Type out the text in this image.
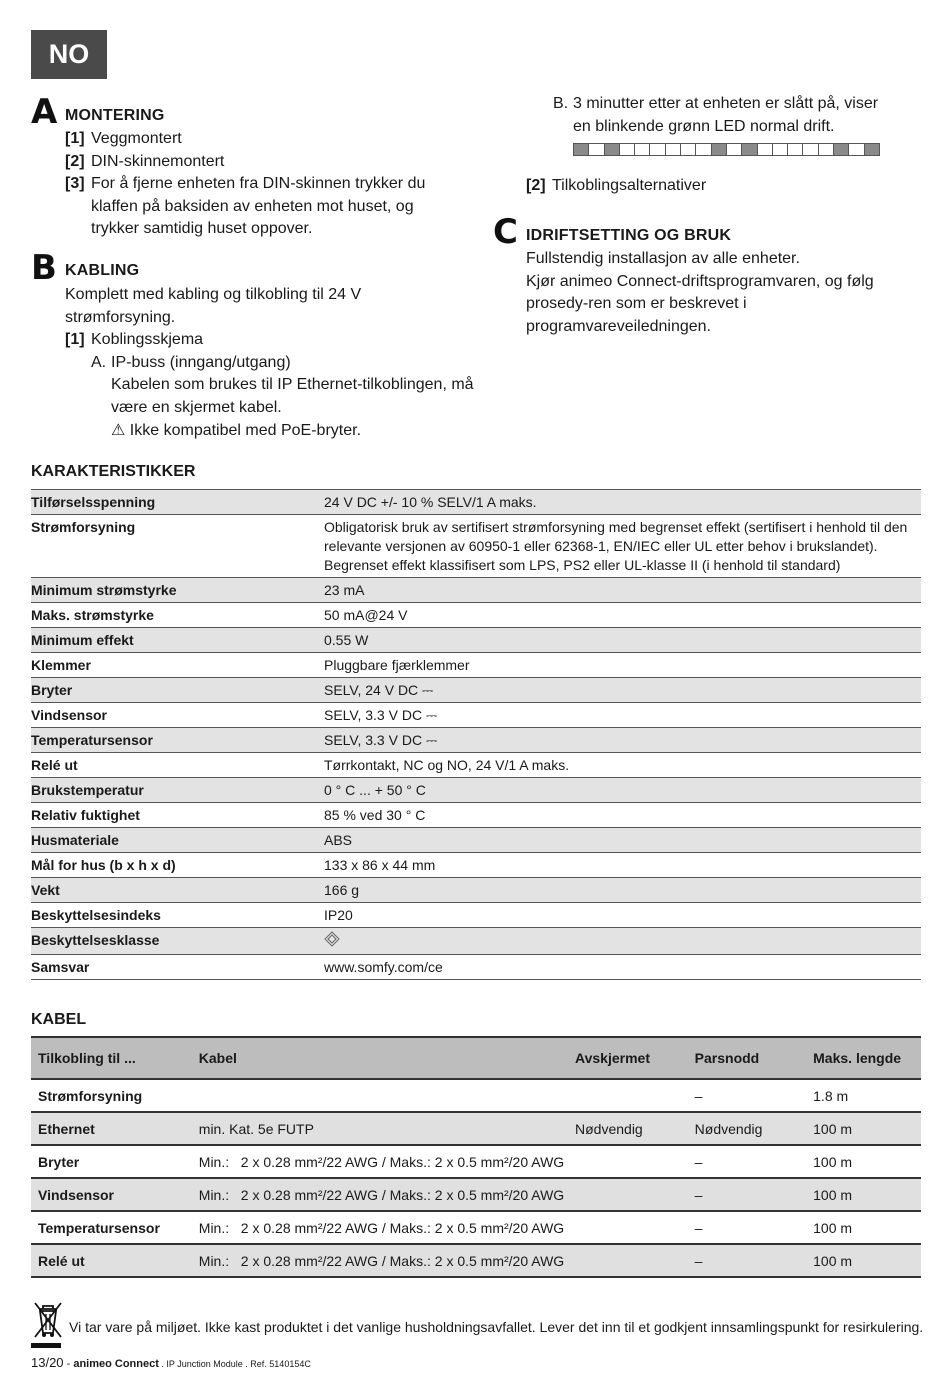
NO
A MONTERING
[1] Veggmontert
[2] DIN-skinnemontert
[3] For å fjerne enheten fra DIN-skinnen trykker du klaffen på baksiden av enheten mot huset, og trykker samtidig huset oppover.
B KABLING
Komplett med kabling og tilkobling til 24 V strømforsyning.
[1] Koblingsskjema
A. IP-buss (inngang/utgang)
Kabelen som brukes til IP Ethernet-tilkoblingen, må være en skjermet kabel.
⚠ Ikke kompatibel med PoE-bryter.
B. 3 minutter etter at enheten er slått på, viser en blinkende grønn LED normal drift.
[2] Tilkoblingsalternativer
C IDRIFTSETTING OG BRUK
Fullstendig installasjon av alle enheter.
Kjør animeo Connect-driftsprogramvaren, og følg prosedy-ren som er beskrevet i programvareveiledningen.
KARAKTERISTIKKER
Tilførselsspenning	24 V DC +/- 10 % SELV/1 A maks.
Strømforsyning	Obligatorisk bruk av sertifisert strømforsyning med begrenset effekt (sertifisert i henhold til den relevante versjonen av 60950-1 eller 62368-1, EN/IEC eller UL etter behov i brukslandet).
Begrenset effekt klassifisert som LPS, PS2 eller UL-klasse II (i henhold til standard)

Minimum strømstyrke	23 mA
Maks. strømstyrke	50 mA@24 V
Minimum effekt	0.55 W
Klemmer	Pluggbare fjærklemmer
Bryter	SELV, 24 V DC ⎓
Vindsensor	SELV, 3.3 V DC ⎓
Temperatursensor	SELV, 3.3 V DC ⎓
Relé ut	Tørrkontakt, NC og NO, 24 V/1 A maks.
Brukstemperatur	0 ° C ... + 50 ° C
Relativ fuktighet	85 % ved 30 ° C
Husmateriale	ABS
Mål for hus (b x h x d)	133 x 86 x 44 mm
Vekt	166 g
Beskyttelsesindeks	IP20
Beskyttelsesklasse	
Samsvar	www.somfy.com/ce
KABEL
Tilkobling til ...	Kabel	Avskjermet	Parsnodd	Maks. lengde
Strømforsyning			–	1.8 m
Ethernet	min. Kat. 5e FUTP	Nødvendig	Nødvendig	100 m
Bryter	Min.:   2 x 0.28 mm²/22 AWG / Maks.: 2 x 0.5 mm²/20 AWG		–	100 m
Vindsensor	Min.:   2 x 0.28 mm²/22 AWG / Maks.: 2 x 0.5 mm²/20 AWG		–	100 m
Temperatursensor	Min.:   2 x 0.28 mm²/22 AWG / Maks.: 2 x 0.5 mm²/20 AWG		–	100 m
Relé ut	Min.:   2 x 0.28 mm²/22 AWG / Maks.: 2 x 0.5 mm²/20 AWG		–	100 m
Vi tar vare på miljøet. Ikke kast produktet i det vanlige husholdningsavfallet. Lever det inn til et godkjent innsamlingspunkt for resirkulering.
13/20 - animeo Connect . IP Junction Module . Ref. 5140154C
